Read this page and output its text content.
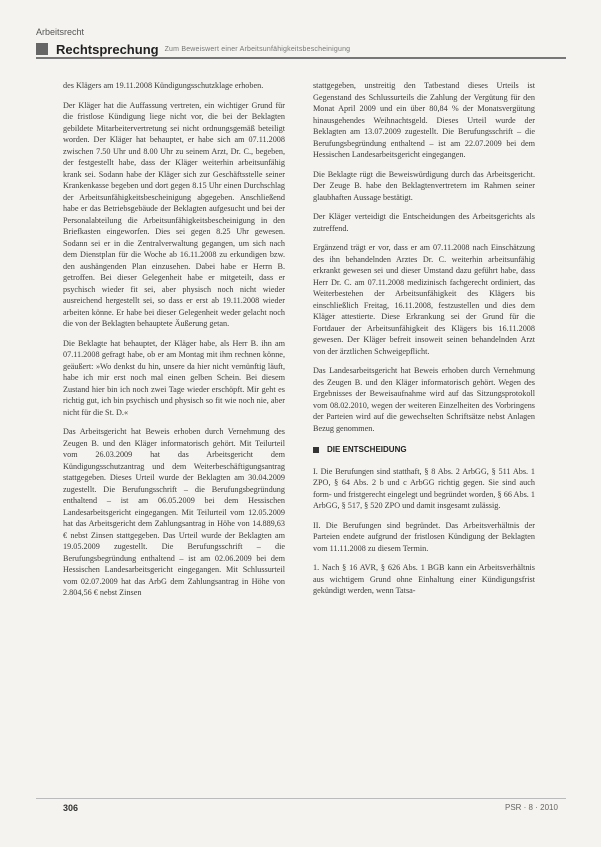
Arbeitsrecht
Rechtsprechung Zum Beweiswert einer Arbeitsunfähigkeitsbescheinigung

des Klägers am 19.11.2008 Kündigungsschutzklage erhoben.

Der Kläger hat die Auffassung vertreten, ein wichtiger Grund für die fristlose Kündigung liege nicht vor, die bei der Beklagten gebildete Mitarbeitervertretung sei nicht ordnungsgemäß beteiligt worden. Der Kläger hat behauptet, er habe sich am 07.11.2008 zwischen 7.50 Uhr und 8.00 Uhr zu seinem Arzt, Dr. C., begeben, der festgestellt habe, dass der Kläger weiterhin arbeitsunfähig krank sei. Sodann habe der Kläger sich zur Geschäftsstelle seiner Krankenkasse begeben und dort gegen 8.15 Uhr einen Durchschlag der Arbeitsunfähigkeitsbescheinigung abgegeben. Anschließend habe er das Betriebsgebäude der Beklagten aufgesucht und bei der Personalabteilung die Arbeitsunfähigkeitsbescheinigung in den Briefkasten eingeworfen. Dies sei gegen 8.25 Uhr gewesen. Sodann sei er in die Zentralverwaltung gegangen, um sich nach dem Dienstplan für die Woche ab 16.11.2008 zu erkundigen bzw. den aushängenden Plan einzusehen. Dabei habe er Herrn B. getroffen. Bei dieser Gelegenheit habe er mitgeteilt, dass er psychisch wieder fit sei, aber physisch noch nicht wieder ausreichend hergestellt sei, so dass er erst ab 19.11.2008 wieder arbeiten könne. Er habe bei dieser Gelegenheit weder gelacht noch die von der Beklagten behauptete Äußerung getan.

Die Beklagte hat behauptet, der Kläger habe, als Herr B. ihn am 07.11.2008 gefragt habe, ob er am Montag mit ihm rechnen könne, geäußert: »Wo denkst du hin, unsere da hier nicht vernünftig läuft, habe ich mir erst noch mal einen gelben Schein. Bei diesem Zustand hier bin ich noch zwei Tage wieder erschöpft. Mir geht es richtig gut, ich bin psychisch und physisch so fit wie noch nie, aber nicht für die St. D.«

Das Arbeitsgericht hat Beweis erhoben durch Vernehmung des Zeugen B. und den Kläger informatorisch gehört. Mit Teilurteil vom 26.03.2009 hat das Arbeitsgericht dem Kündigungsschutzantrag und dem Weiterbeschäftigungsantrag stattgegeben. Dieses Urteil wurde der Beklagten am 30.04.2009 zugestellt. Die Berufungsschrift – die Berufungsbegründung enthaltend – ist am 06.05.2009 bei dem Hessischen Landesarbeitsgericht eingegangen. Mit Teilurteil vom 12.05.2009 hat das Arbeitsgericht dem Zahlungsantrag in Höhe von 14.889,63 € nebst Zinsen stattgegeben. Das Urteil wurde der Beklagten am 19.05.2009 zugestellt. Die Berufungsschrift – die Berufungsbegründung enthaltend – ist am 02.06.2009 bei dem Hessischen Landesarbeitsgericht eingegangen. Mit Schlussurteil vom 02.07.2009 hat das ArbG dem Zahlungsantrag in Höhe von 2.804,56 € nebst Zinsen

stattgegeben, unstreitig den Tatbestand dieses Urteils ist Gegenstand des Schlussurteils die Zahlung der Vergütung für den Monat April 2009 und ein über 80,84 % der Monatsvergütung hinausgehendes Weihnachtsgeld. Dieses Urteil wurde der Beklagten am 13.07.2009 zugestellt. Die Berufungsschrift – die Berufungsbegründung enthaltend – ist am 22.07.2009 bei dem Hessischen Landesarbeitsgericht eingegangen.

Die Beklagte rügt die Beweiswürdigung durch das Arbeitsgericht. Der Zeuge B. habe den Beklagtenvertretern im Rahmen seiner glaubhaften Aussage bestätigt.

Der Kläger verteidigt die Entscheidungen des Arbeitsgerichts als zutreffend.

Ergänzend trägt er vor, dass er am 07.11.2008 nach Einschätzung des ihn behandelnden Arztes Dr. C. weiterhin arbeitsunfähig erkrankt gewesen sei und dieser Umstand dazu geführt habe, dass Herr Dr. C. am 07.11.2008 medizinisch fachgerecht ordiniert, das Weiterbestehen der Arbeitsunfähigkeit des Klägers bis einschließlich Freitag, 16.11.2008, festzustellen und dies dem Kläger attestierte. Diese Erkrankung sei der Grund für die Fortdauer der Arbeitsunfähigkeit des Klägers bis 16.11.2008 gewesen. Der Kläger befreit insoweit seinen behandelnden Arzt von der ärztlichen Schweigepflicht.

Das Landesarbeitsgericht hat Beweis erhoben durch Vernehmung des Zeugen B. und den Kläger informatorisch gehört. Wegen des Ergebnisses der Beweisaufnahme wird auf das Sitzungsprotokoll vom 08.02.2010, wegen der weiteren Einzelheiten des Vorbringens der Parteien wird auf die gewechselten Schriftsätze nebst Anlagen Bezug genommen.

DIE ENTSCHEIDUNG

I. Die Berufungen sind statthaft, § 8 Abs. 2 ArbGG, § 511 Abs. 1 ZPO, § 64 Abs. 2 b und c ArbGG richtig gegen. Sie sind auch form- und fristgerecht eingelegt und begründet worden, § 66 Abs. 1 ArbGG, § 517, § 520 ZPO und damit insgesamt zulässig.

II. Die Berufungen sind begründet. Das Arbeitsverhältnis der Parteien endete aufgrund der fristlosen Kündigung der Beklagten vom 11.11.2008 zu diesem Termin.

1. Nach § 16 AVR, § 626 Abs. 1 BGB kann ein Arbeitsverhältnis aus wichtigem Grund ohne Einhaltung einer Kündigungsfrist gekündigt werden, wenn Tatsa-

306	PSR · 8 · 2010
